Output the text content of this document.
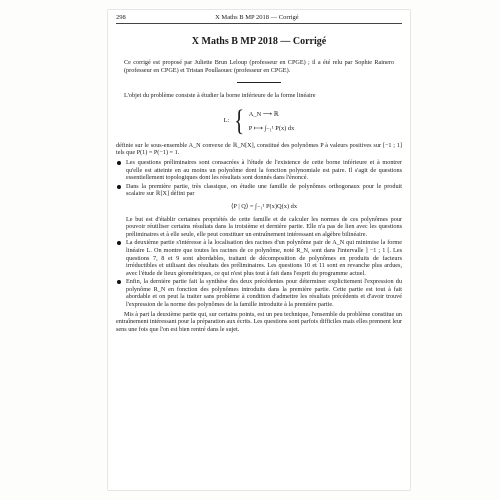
298	X Maths B MP 2018 — Corrigé
X Maths B MP 2018 — Corrigé

Ce corrigé est proposé par Juliette Brun Leloup (professeur en CPGE) ; il a été relu par Sophie Rainero (professeur en CPGE) et Tristan Poullaouec (professeur en CPGE).

L'objet du problème consiste à étudier la borne inférieure de la forme linéaire

L: { A_N ⟶ ℝ
P ⟼ ∫₋₁¹ P(x) dx

définie sur le sous-ensemble A_N convexe de ℝ_N[X], constitué des polynômes P à valeurs positives sur [−1 ; 1] tels que P(1) = P(−1) = 1.

Les questions préliminaires sont consacrées à l'étude de l'existence de cette borne inférieure et à montrer qu'elle est atteinte en au moins un polynôme dont la fonction polynomiale est paire. Il s'agit de questions essentiellement topologiques dont les résultats sont donnés dans l'énoncé.
Dans la première partie, très classique, on étudie une famille de polynômes orthogonaux pour le produit scalaire sur ℝ[X] défini par
⟨P | Q⟩ = ∫₋₁¹ P(x)Q(x) dx

Le but est d'établir certaines propriétés de cette famille et de calculer les normes de ces polynômes pour pouvoir réutiliser certains résultats dans la troisième et dernière partie. Elle n'a pas de lien avec les questions préliminaires et à elle seule, elle peut constituer un entraînement intéressant en algèbre bilinéaire.

La deuxième partie s'intéresse à la localisation des racines d'un polynôme pair de A_N qui minimise la forme linéaire L. On montre que toutes les racines de ce polynôme, noté R_N, sont dans l'intervalle ] −1 ; 1 [. Les questions 7, 8 et 9 sont abordables, traitant de décomposition de polynômes en produits de facteurs irréductibles et utilisant des résultats des préliminaires. Les questions 10 et 11 sont en revanche plus ardues, avec l'étude de lieux géométriques, ce qui n'est plus tout à fait dans l'esprit du programme actuel.
Enfin, la dernière partie fait la synthèse des deux précédentes pour déterminer explicitement l'expression du polynôme R_N en fonction des polynômes introduits dans la première partie. Cette partie est tout à fait abordable et on peut la traiter sans problème à condition d'admettre les résultats précédents et d'avoir trouvé l'expression de la norme des polynômes de la famille introduite à la première partie.

Mis à part la deuxième partie qui, sur certains points, est un peu technique, l'ensemble du problème constitue un entraînement intéressant pour la préparation aux écrits. Les questions sont parfois difficiles mais elles prennent leur sens une fois que l'on est bien rentré dans le sujet.
